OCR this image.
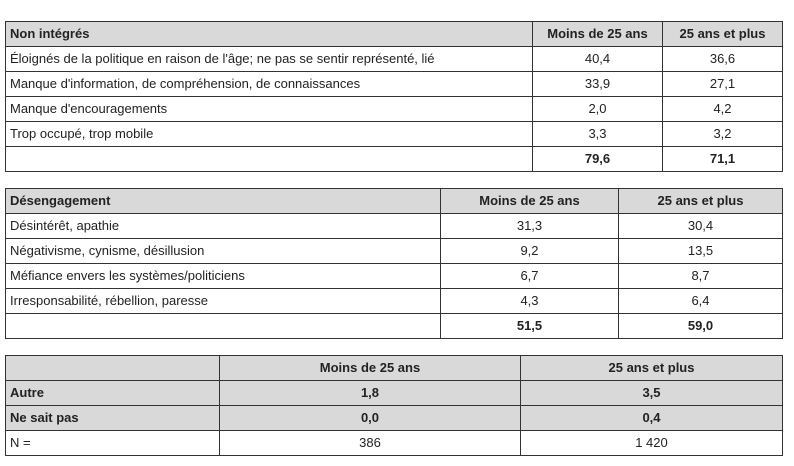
Non intégrés	Moins de 25 ans	25 ans et plus
Éloignés de la politique en raison de l'âge; ne pas se sentir représenté, lié	40,4	36,6
Manque d'information, de compréhension, de connaissances	33,9	27,1
Manque d'encouragements	2,0	4,2
Trop occupé, trop mobile	3,3	3,2
	79,6	71,1
Désengagement	Moins de 25 ans	25 ans et plus
Désintérêt, apathie	31,3	30,4
Négativisme, cynisme, désillusion	9,2	13,5
Méfiance envers les systèmes/politiciens	6,7	8,7
Irresponsabilité, rébellion, paresse	4,3	6,4
	51,5	59,0
	Moins de 25 ans	25 ans et plus
Autre	1,8	3,5
Ne sait pas	0,0	0,4
N =	386	1 420
